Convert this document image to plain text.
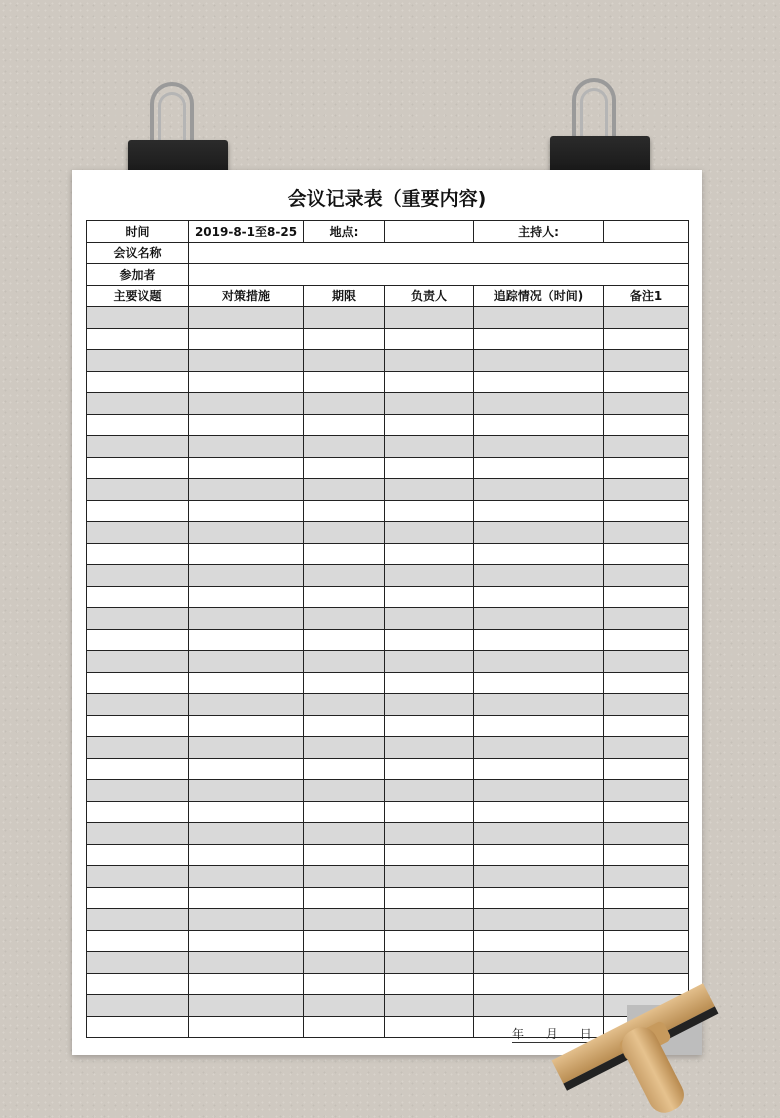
会议记录表（重要内容)
时间	2019-8-1至8-25	地点:		主持人:	
会议名称					
参加者					
主要议题	对策措施	期限	负责人	追踪情况（时间)	备注1

年 月 日
